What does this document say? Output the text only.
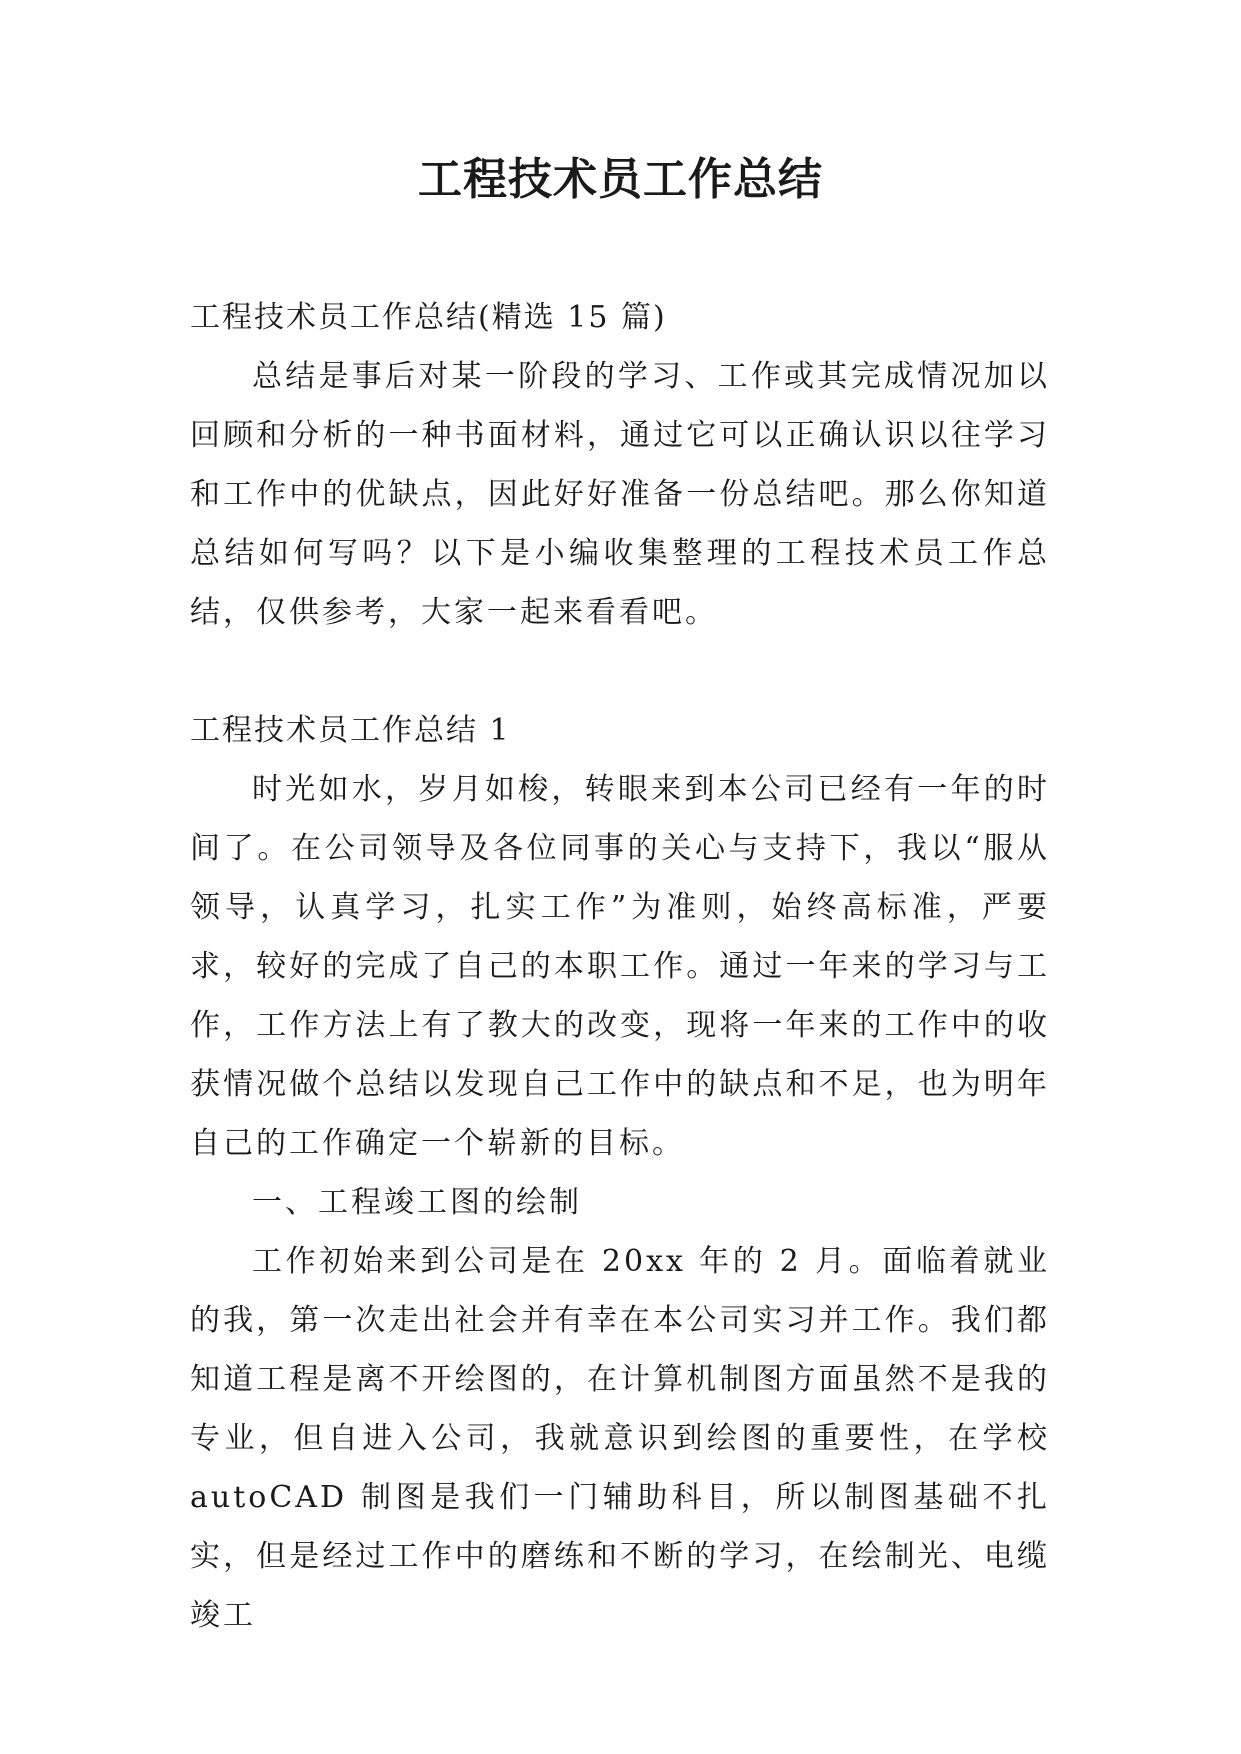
工程技术员工作总结

工程技术员工作总结(精选 15 篇)

总结是事后对某一阶段的学习、工作或其完成情况加以回顾和分析的一种书面材料，通过它可以正确认识以往学习和工作中的优缺点，因此好好准备一份总结吧。那么你知道总结如何写吗？以下是小编收集整理的工程技术员工作总结，仅供参考，大家一起来看看吧。

工程技术员工作总结 1

时光如水，岁月如梭，转眼来到本公司已经有一年的时间了。在公司领导及各位同事的关心与支持下，我以“服从领导，认真学习，扎实工作”为准则，始终高标准，严要求，较好的完成了自己的本职工作。通过一年来的学习与工作，工作方法上有了教大的改变，现将一年来的工作中的收获情况做个总结以发现自己工作中的缺点和不足，也为明年自己的工作确定一个崭新的目标。

一、工程竣工图的绘制

工作初始来到公司是在 20xx 年的 2 月。面临着就业的我，第一次走出社会并有幸在本公司实习并工作。我们都知道工程是离不开绘图的，在计算机制图方面虽然不是我的专业，但自进入公司，我就意识到绘图的重要性，在学校 autoCAD 制图是我们一门辅助科目，所以制图基础不扎实，但是经过工作中的磨练和不断的学习，在绘制光、电缆竣工
